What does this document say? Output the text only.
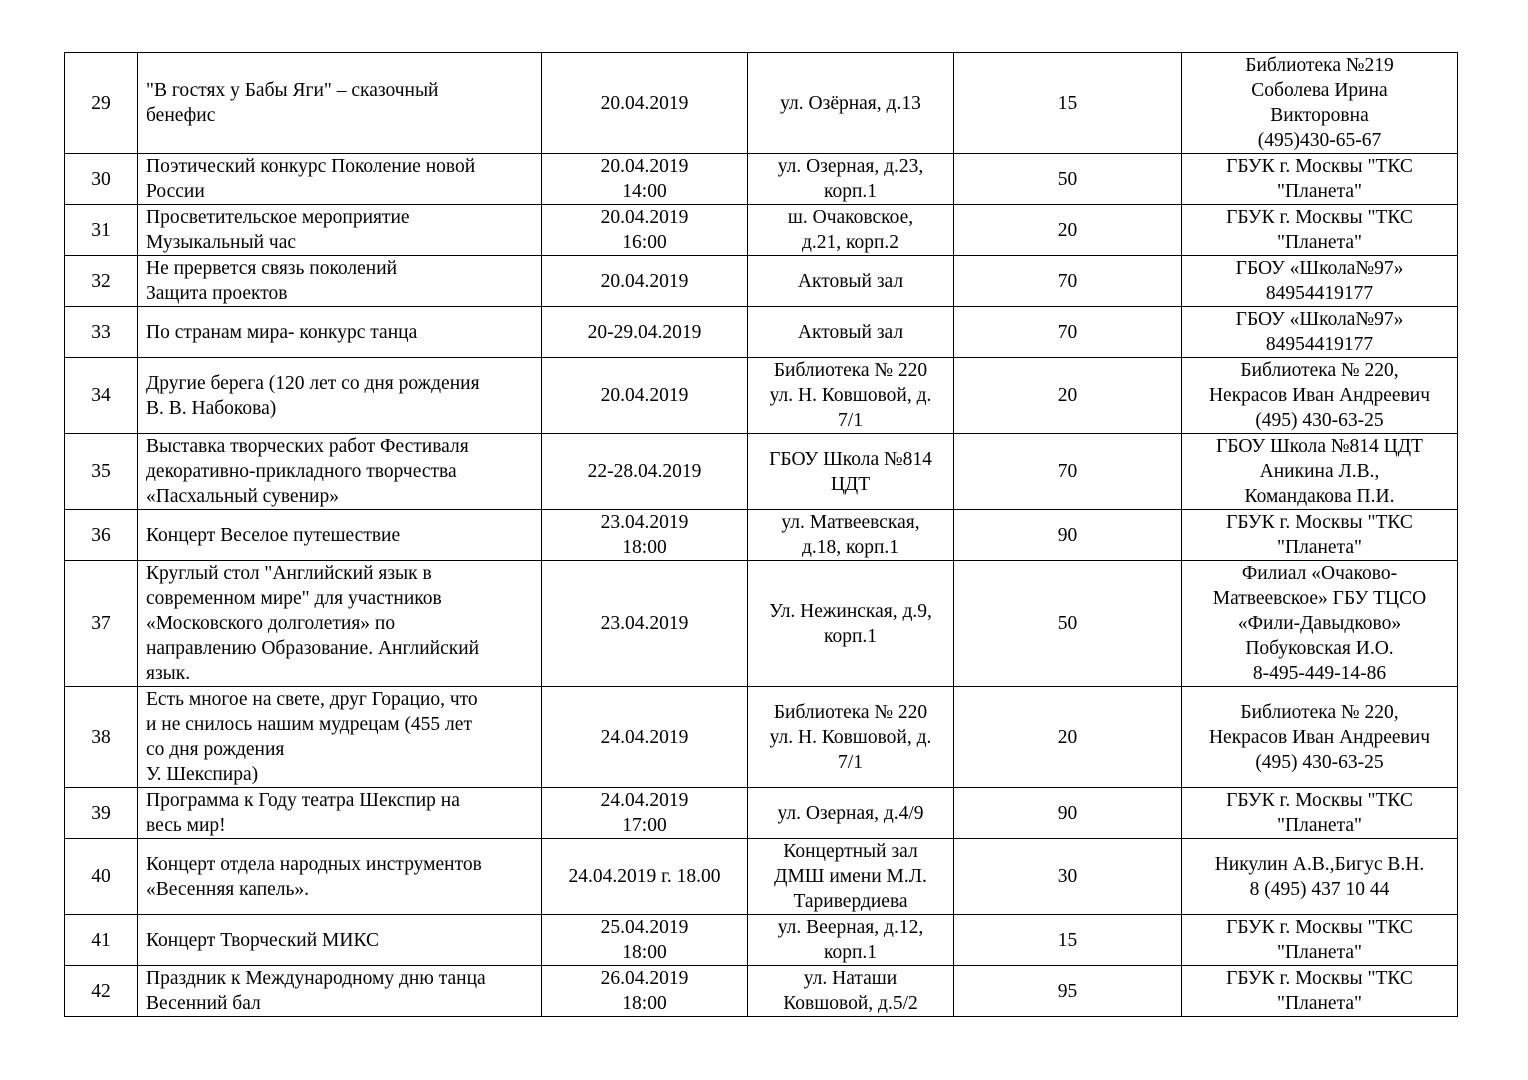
29	"В гостях у Бабы Яги" – сказочный
бенефис	20.04.2019	ул. Озёрная, д.13	15	Библиотека №219
Соболева Ирина
Викторовна
(495)430-65-67
30	Поэтический конкурс Поколение новой
России	20.04.2019
14:00	ул. Озерная, д.23,
корп.1	50	ГБУК г. Москвы "ТКС
"Планета"
31	Просветительское мероприятие
Музыкальный час	20.04.2019
16:00	ш. Очаковское,
д.21, корп.2	20	ГБУК г. Москвы "ТКС
"Планета"
32	Не прервется связь поколений
Защита проектов	20.04.2019	Актовый зал	70	ГБОУ «Школа№97»
84954419177
33	По странам мира- конкурс танца	20-29.04.2019	Актовый зал	70	ГБОУ «Школа№97»
84954419177
34	Другие берега (120 лет со дня рождения
В. В. Набокова)	20.04.2019	Библиотека № 220
ул. Н. Ковшовой, д.
7/1	20	Библиотека № 220,
Некрасов Иван Андреевич
(495) 430-63-25
35	Выставка творческих работ Фестиваля
декоративно-прикладного творчества
«Пасхальный сувенир»	22-28.04.2019	ГБОУ Школа №814
ЦДТ	70	ГБОУ Школа №814 ЦДТ
Аникина Л.В.,
Командакова П.И.
36	Концерт Веселое путешествие	23.04.2019
18:00	ул. Матвеевская,
д.18, корп.1	90	ГБУК г. Москвы "ТКС
"Планета"
37	Круглый стол "Английский язык в
современном мире" для участников
«Московского долголетия» по
направлению Образование. Английский
язык.	23.04.2019	Ул. Нежинская, д.9,
корп.1	50	Филиал «Очаково-
Матвеевское» ГБУ ТЦСО
«Фили-Давыдково»
Побуковская И.О.
8-495-449-14-86
38	Есть многое на свете, друг Горацио, что
и не снилось нашим мудрецам (455 лет
со дня рождения
У. Шекспира)	24.04.2019	Библиотека № 220
ул. Н. Ковшовой, д.
7/1	20	Библиотека № 220,
Некрасов Иван Андреевич
(495) 430-63-25
39	Программа к Году театра Шекспир на
весь мир!	24.04.2019
17:00	ул. Озерная, д.4/9	90	ГБУК г. Москвы "ТКС
"Планета"
40	Концерт отдела народных инструментов
«Весенняя капель».	24.04.2019 г. 18.00	Концертный зал
ДМШ имени М.Л.
Таривердиева	30	Никулин А.В.,Бигус В.Н.
8 (495) 437 10 44
41	Концерт Творческий МИКС	25.04.2019
18:00	ул. Веерная, д.12,
корп.1	15	ГБУК г. Москвы "ТКС
"Планета"
42	Праздник к Международному дню танца
Весенний бал	26.04.2019
18:00	ул. Наташи
Ковшовой, д.5/2	95	ГБУК г. Москвы "ТКС
"Планета"
